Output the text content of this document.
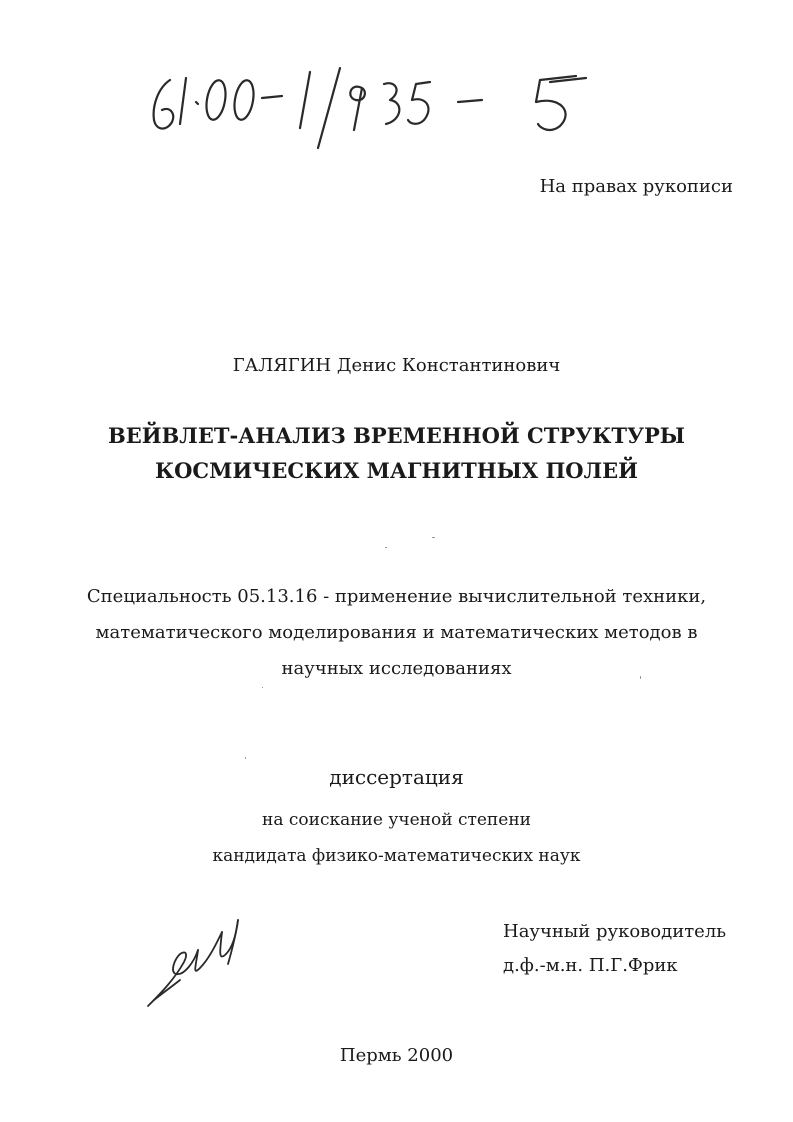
На правах рукописи
ГАЛЯГИН Денис Константинович
ВЕЙВЛЕТ-АНАЛИЗ ВРЕМЕННОЙ СТРУКТУРЫ
КОСМИЧЕСКИХ МАГНИТНЫХ ПОЛЕЙ
Специальность 05.13.16 - применение вычислительной техники,
математического моделирования и математических методов в
научных исследованиях
диссертация
на соискание ученой степени
кандидата физико-математических наук
Научный руководитель
д.ф.-м.н. П.Г.Фрик
Пермь 2000
